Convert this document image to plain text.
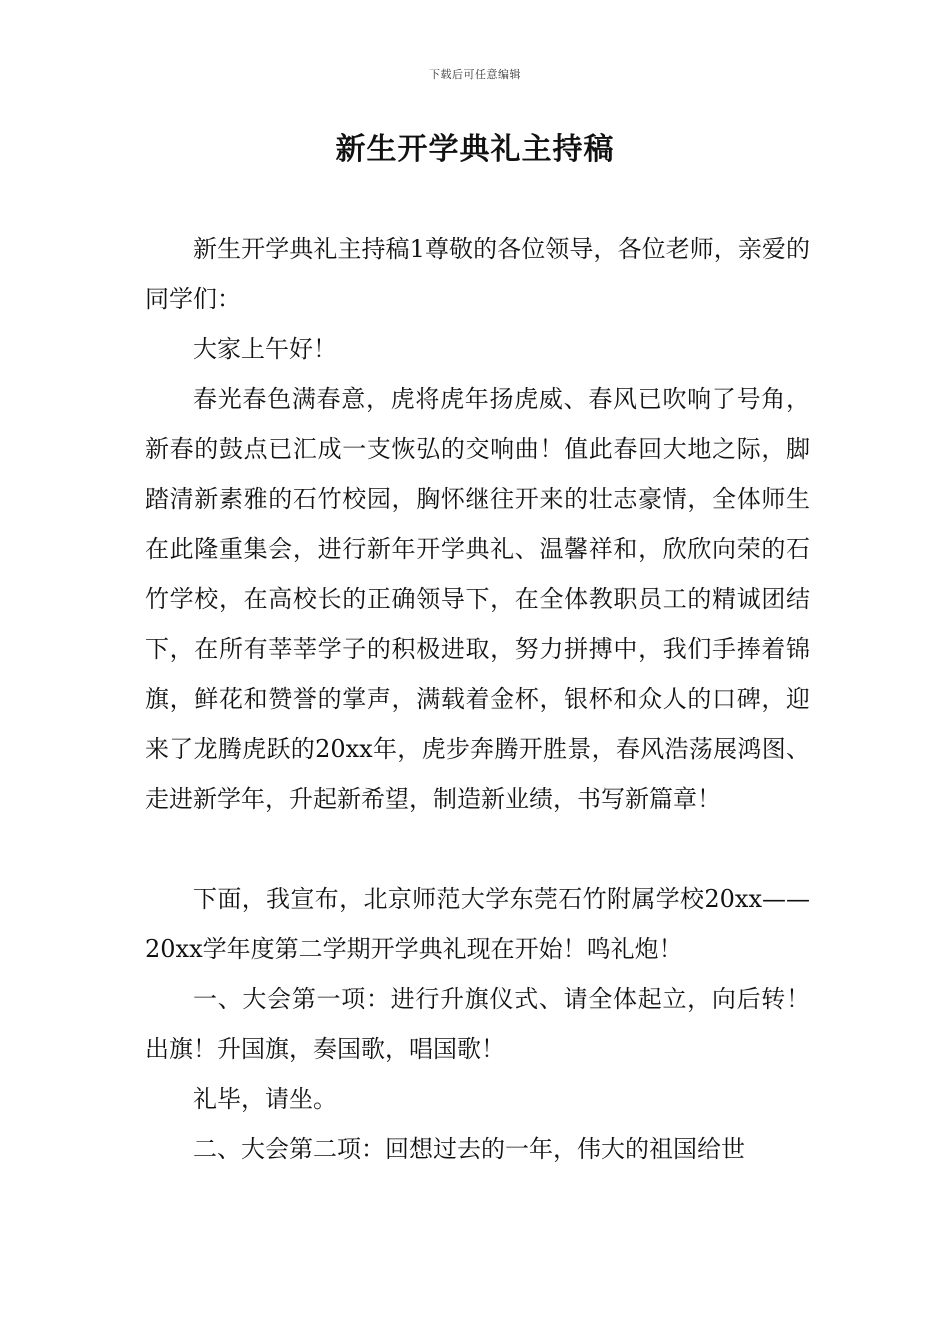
下载后可任意编辑
新生开学典礼主持稿

新生开学典礼主持稿1尊敬的各位领导，各位老师，亲爱的同学们：

大家上午好！

春光春色满春意，虎将虎年扬虎威、春风已吹响了号角，新春的鼓点已汇成一支恢弘的交响曲！值此春回大地之际，脚踏清新素雅的石竹校园，胸怀继往开来的壮志豪情，全体师生在此隆重集会，进行新年开学典礼、温馨祥和，欣欣向荣的石竹学校，在高校长的正确领导下，在全体教职员工的精诚团结下，在所有莘莘学子的积极进取，努力拼搏中，我们手捧着锦旗，鲜花和赞誉的掌声，满载着金杯，银杯和众人的口碑，迎来了龙腾虎跃的20xx年，虎步奔腾开胜景，春风浩荡展鸿图、走进新学年，升起新希望，制造新业绩，书写新篇章！

下面，我宣布，北京师范大学东莞石竹附属学校20xx——20xx学年度第二学期开学典礼现在开始！鸣礼炮！

一、大会第一项：进行升旗仪式、请全体起立，向后转！出旗！升国旗，奏国歌，唱国歌！

礼毕，请坐。

二、大会第二项：回想过去的一年，伟大的祖国给世
